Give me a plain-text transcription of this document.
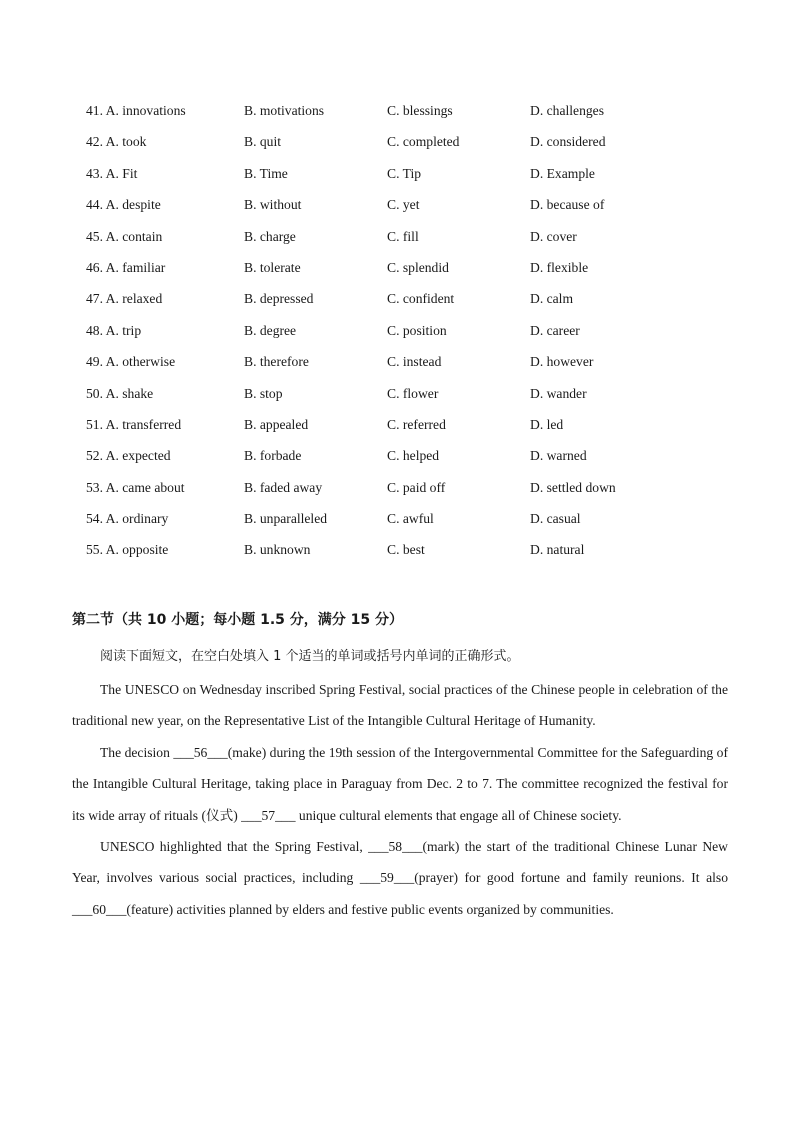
41. A. innovations	B. motivations	C. blessings	D. challenges
42. A. took	B. quit	C. completed	D. considered
43. A. Fit	B. Time	C. Tip	D. Example
44. A. despite	B. without	C. yet	D. because of
45. A. contain	B. charge	C. fill	D. cover
46. A. familiar	B. tolerate	C. splendid	D. flexible
47. A. relaxed	B. depressed	C. confident	D. calm
48. A. trip	B. degree	C. position	D. career
49. A. otherwise	B. therefore	C. instead	D. however
50. A. shake	B. stop	C. flower	D. wander
51. A. transferred	B. appealed	C. referred	D. led
52. A. expected	B. forbade	C. helped	D. warned
53. A. came about	B. faded away	C. paid off	D. settled down
54. A. ordinary	B. unparalleled	C. awful	D. casual
55. A. opposite	B. unknown	C. best	D. natural
第二节（共 10 小题；每小题 1.5 分，满分 15 分）
阅读下面短文，在空白处填入 1 个适当的单词或括号内单词的正确形式。

The UNESCO on Wednesday inscribed Spring Festival, social practices of the Chinese people in celebration of the traditional new year, on the Representative List of the Intangible Cultural Heritage of Humanity.

The decision ___56___(make) during the 19th session of the Intergovernmental Committee for the Safeguarding of the Intangible Cultural Heritage, taking place in Paraguay from Dec. 2 to 7. The committee recognized the festival for its wide array of rituals (仪式) ___57___ unique cultural elements that engage all of Chinese society.

UNESCO highlighted that the Spring Festival, ___58___(mark) the start of the traditional Chinese Lunar New Year, involves various social practices, including ___59___(prayer) for good fortune and family reunions. It also ___60___(feature) activities planned by elders and festive public events organized by communities.
